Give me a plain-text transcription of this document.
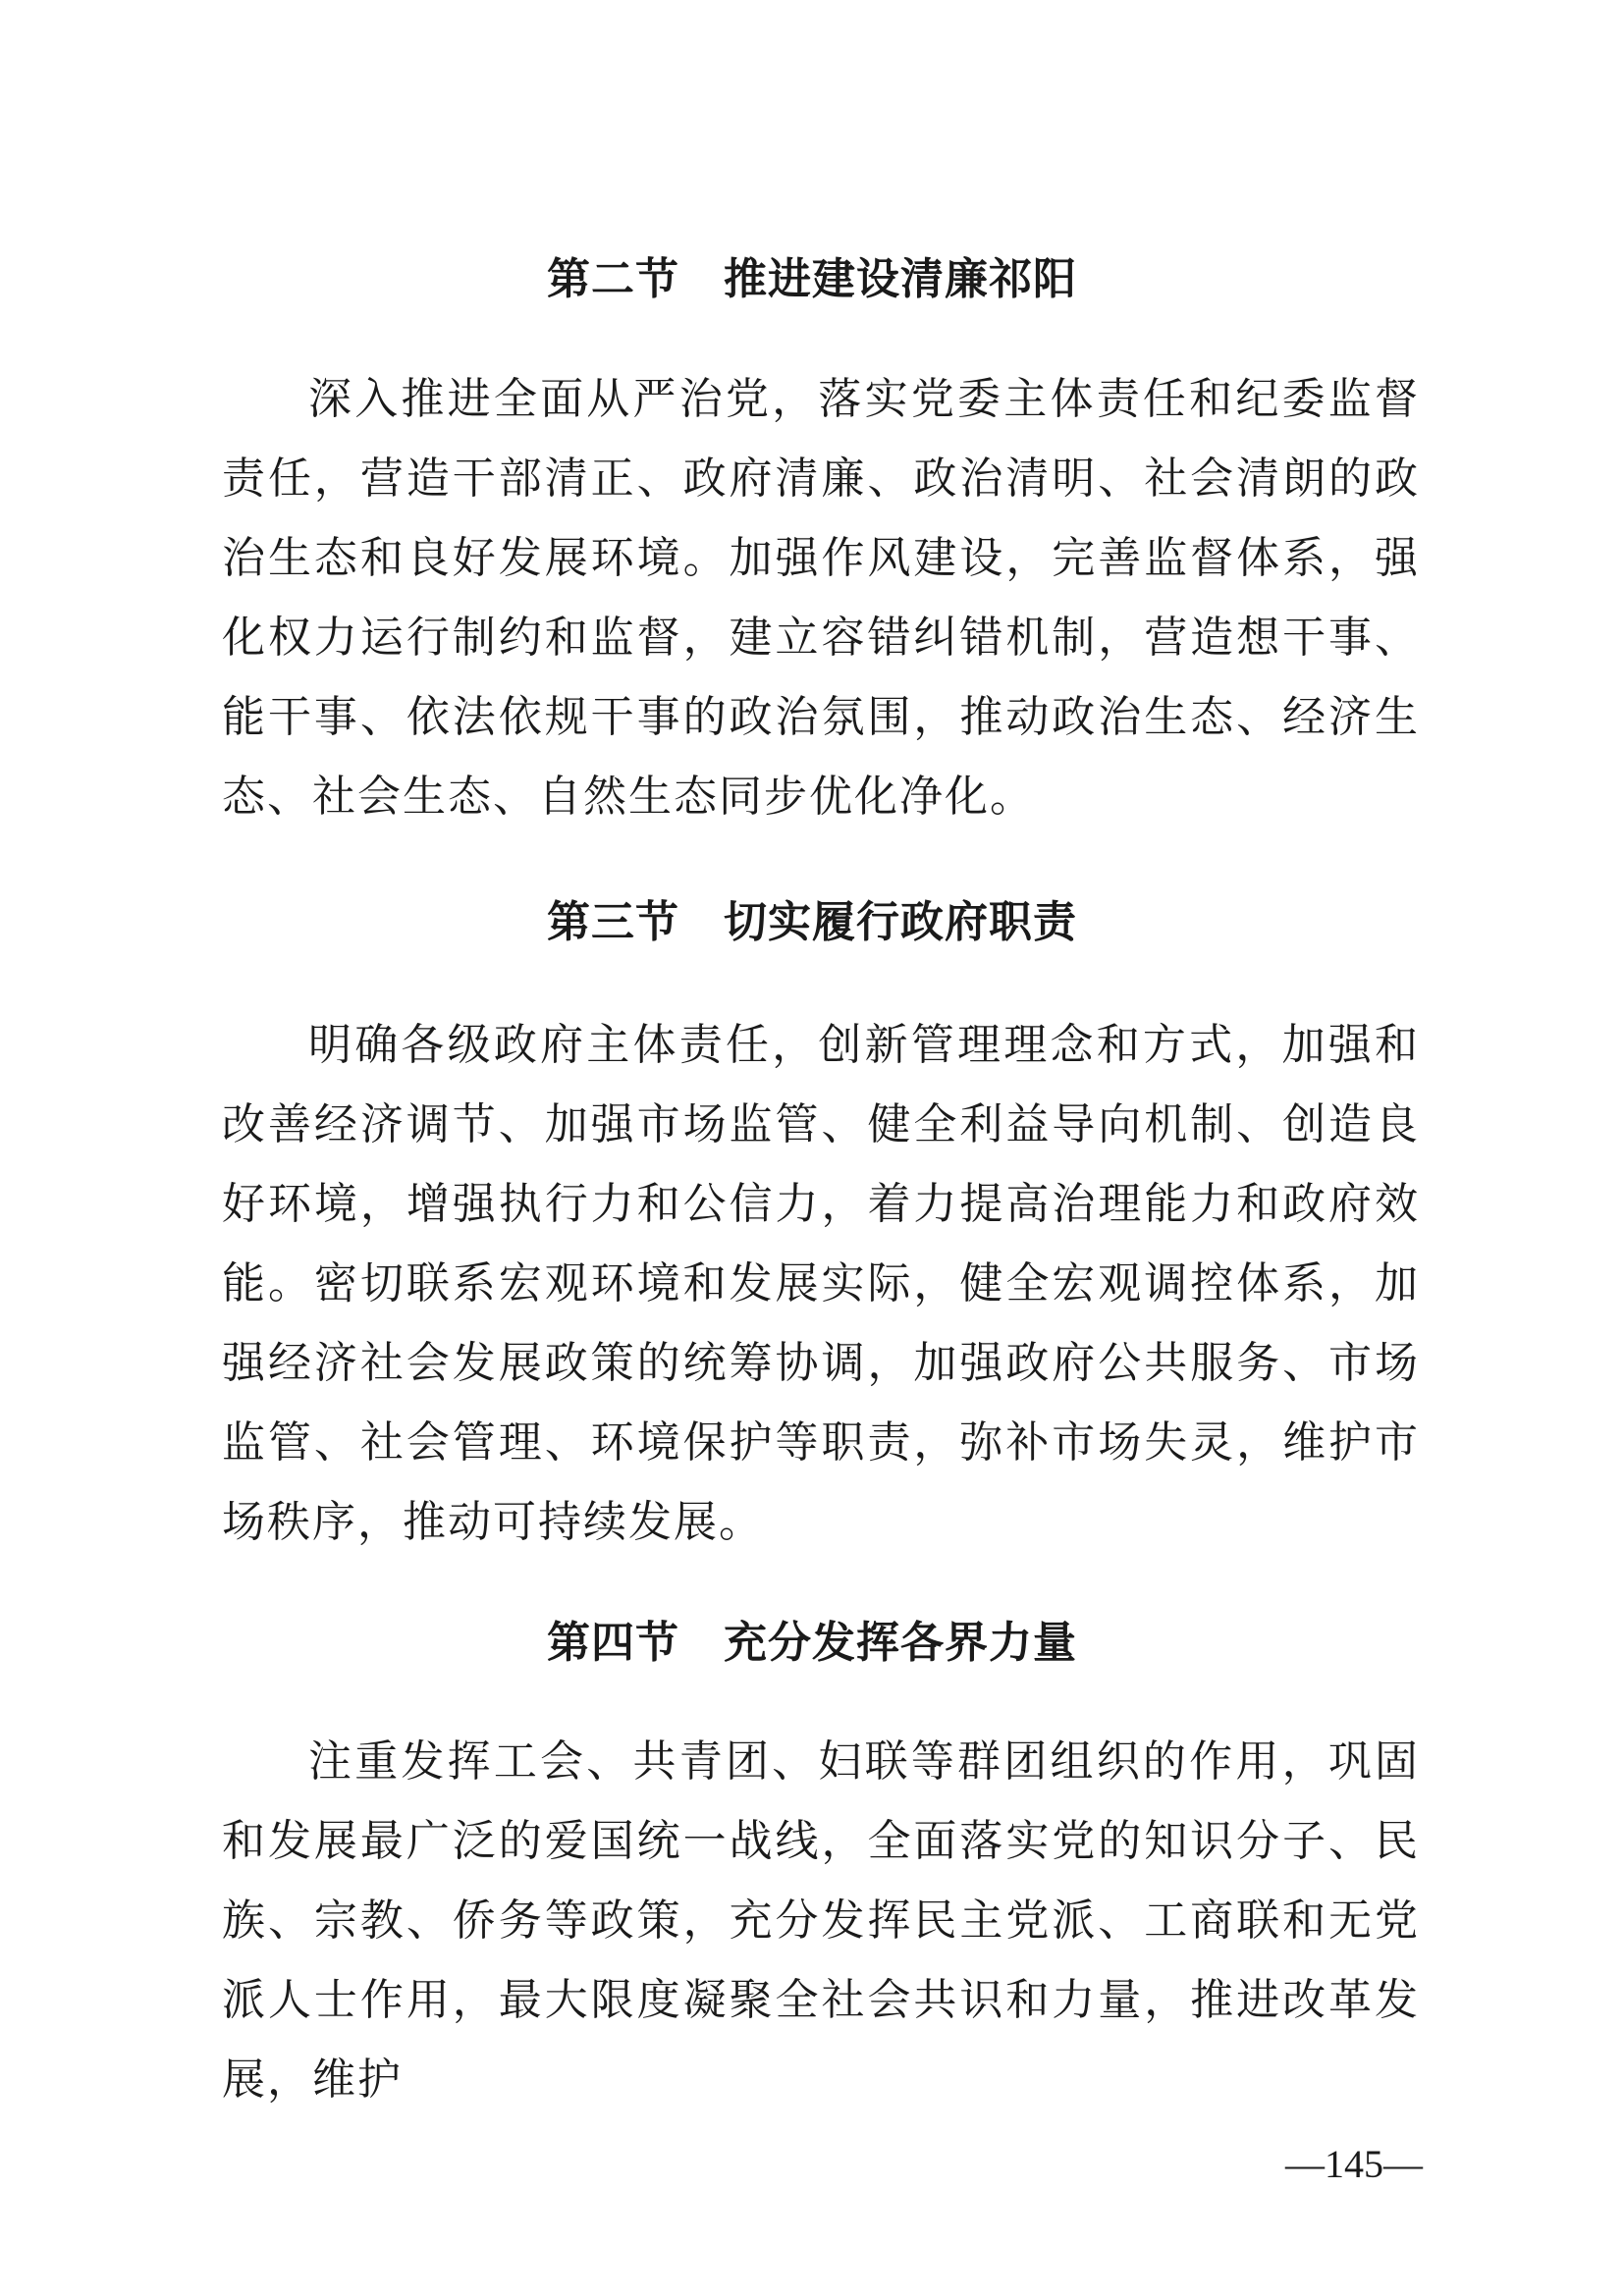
第二节　推进建设清廉祁阳

深入推进全面从严治党，落实党委主体责任和纪委监督责任，营造干部清正、政府清廉、政治清明、社会清朗的政治生态和良好发展环境。加强作风建设，完善监督体系，强化权力运行制约和监督，建立容错纠错机制，营造想干事、能干事、依法依规干事的政治氛围，推动政治生态、经济生态、社会生态、自然生态同步优化净化。

第三节　切实履行政府职责

明确各级政府主体责任，创新管理理念和方式，加强和改善经济调节、加强市场监管、健全利益导向机制、创造良好环境，增强执行力和公信力，着力提高治理能力和政府效能。密切联系宏观环境和发展实际，健全宏观调控体系，加强经济社会发展政策的统筹协调，加强政府公共服务、市场监管、社会管理、环境保护等职责，弥补市场失灵，维护市场秩序，推动可持续发展。

第四节　充分发挥各界力量

注重发挥工会、共青团、妇联等群团组织的作用，巩固和发展最广泛的爱国统一战线，全面落实党的知识分子、民族、宗教、侨务等政策，充分发挥民主党派、工商联和无党派人士作用，最大限度凝聚全社会共识和力量，推进改革发展，维护

—145—
